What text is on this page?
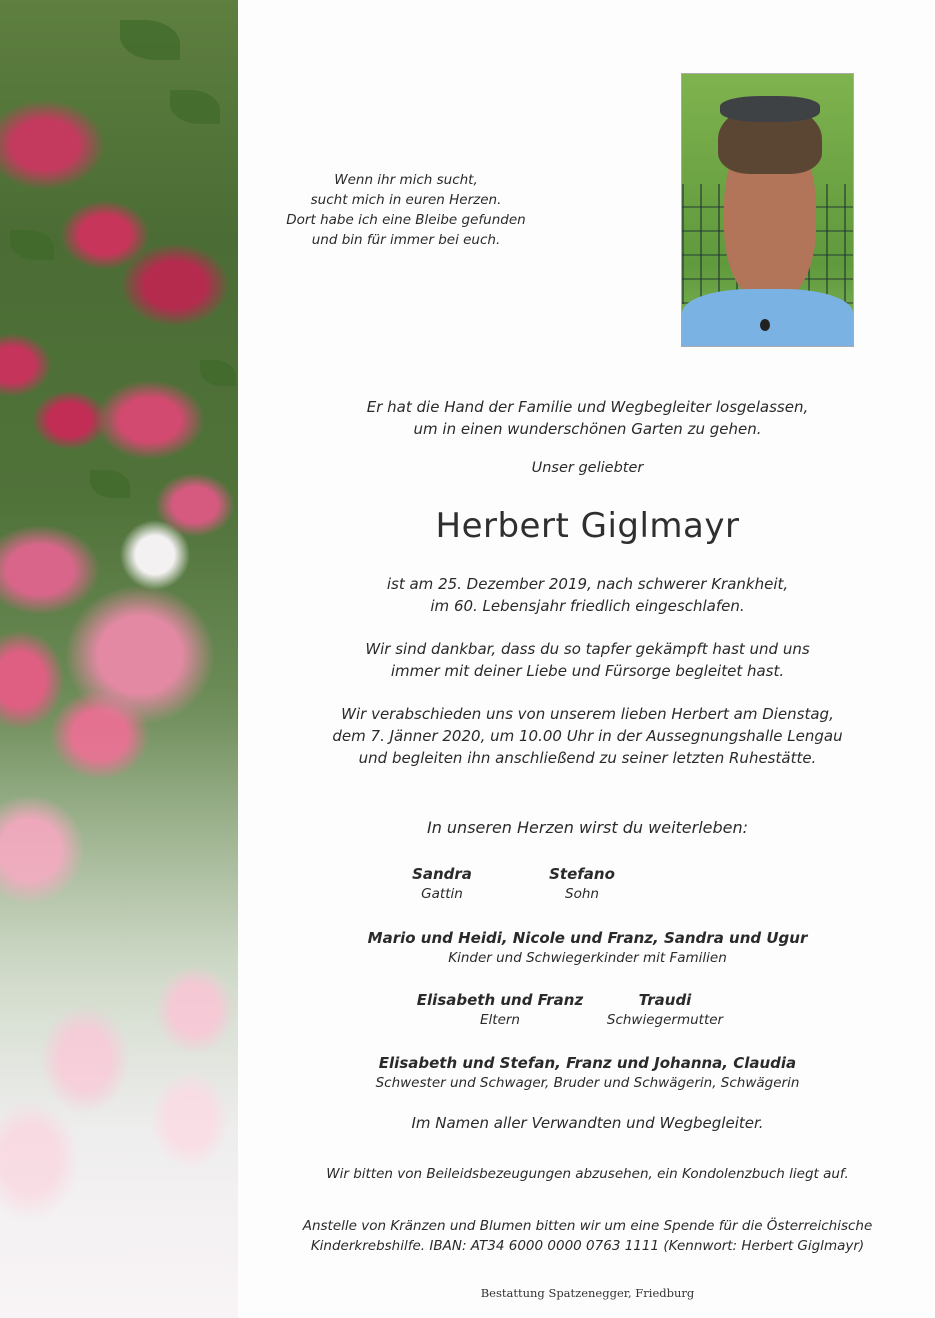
Wenn ihr mich sucht,
sucht mich in euren Herzen.
Dort habe ich eine Bleibe gefunden
und bin für immer bei euch.
Er hat die Hand der Familie und Wegbegleiter losgelassen,
um in einen wunderschönen Garten zu gehen.
Unser geliebter
Herbert Giglmayr
ist am 25. Dezember 2019, nach schwerer Krankheit,
im 60. Lebensjahr friedlich eingeschlafen.
Wir sind dankbar, dass du so tapfer gekämpft hast und uns
immer mit deiner Liebe und Fürsorge begleitet hast.
Wir verabschieden uns von unserem lieben Herbert am Dienstag,
dem 7. Jänner 2020, um 10.00 Uhr in der Aussegnungshalle Lengau
und begleiten ihn anschließend zu seiner letzten Ruhestätte.
In unseren Herzen wirst du weiterleben:
Sandra
Gattin
Stefano
Sohn
Mario und Heidi, Nicole und Franz, Sandra und Ugur
Kinder und Schwiegerkinder mit Familien
Elisabeth und Franz
Eltern
Traudi
Schwiegermutter
Elisabeth und Stefan, Franz und Johanna, Claudia
Schwester und Schwager, Bruder und Schwägerin, Schwägerin
Im Namen aller Verwandten und Wegbegleiter.
Wir bitten von Beileidsbezeugungen abzusehen, ein Kondolenzbuch liegt auf.
Anstelle von Kränzen und Blumen bitten wir um eine Spende für die Österreichische
Kinderkrebshilfe. IBAN: AT34 6000 0000 0763 1111 (Kennwort: Herbert Giglmayr)
Bestattung Spatzenegger, Friedburg
